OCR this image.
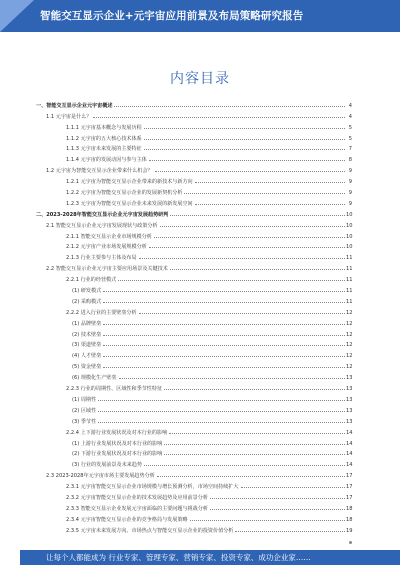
智能交互显示企业+元宇宙应用前景及布局策略研究报告
内容目录
一、智能交互显示企业元宇宙概述	4
1.1 元宇宙是什么？	4
1.1.1 元宇宙基本概念与发展历程	5
1.1.2 元宇宙的五大核心技术体系	5
1.1.3 元宇宙未来发展的主要特征	7
1.1.4 元宇宙的发展动因与参与主体	8
1.2 元宇宙为智能交互显示企业带来什么机会？	9
1.2.1 元宇宙为智能交互显示企业带来的新技术与新方向	9
1.2.2 元宇宙为智能交互显示企业的发展新契机分析	9
1.2.3 元宇宙为智能交互显示企业未来发展的新发展空间	9
二、2023-2028年智能交互显示企业元宇宙发展趋势研判	10
2.1 智能交互显示企业元宇宙发展现状与政策分析	10
2.1.1 智能交互显示企业市场规模分析	10
2.1.2 元宇宙产业市场发展规模分析	10
2.1.3 行业主要参与主体及布局	11
2.2 智能交互显示企业元宇宙主要应用场景及关键技术	11
2.2.1 行业的经营模式	11
(1) 研发模式	11
(2) 采购模式	11
2.2.2 进入行业的主要壁垒分析	12
(1) 品牌壁垒	12
(2) 技术壁垒	12
(3) 渠道壁垒	12
(4) 人才壁垒	12
(5) 资金壁垒	12
(6) 规模化生产壁垒	13
2.2.3 行业的周期性、区域性和季节性特征	13
(1) 周期性	13
(2) 区域性	13
(3) 季节性	13
2.2.4 上下游行业发展状况及对本行业的影响	14
(1) 上游行业发展状况及对本行业的影响	14
(2) 下游行业发展状况及对本行业的影响	14
(3) 行业的发展前景及未来趋势	14
2.3 2023-2028年元宇宙市场主要发展趋势分析	17
2.3.1 元宇宙智能交互显示企业市场规模与增长预测分析，市场空间持续扩大	17
2.3.2 元宇宙智能交互显示企业的技术发展趋势及应用前景分析	17
2.3.3 智能交互显示企业发展元宇宙面临的主要问题与挑战分析	18
2.3.4 元宇宙智能交互显示企业的竞争格局与发展策略	18
2.3.5 元宇宙未来发展方向、市场热点与智能交互显示企业的投资价值分析	19
让每个人都能成为 行业专家、管理专家、营销专家、投资专家、成功企业家……
